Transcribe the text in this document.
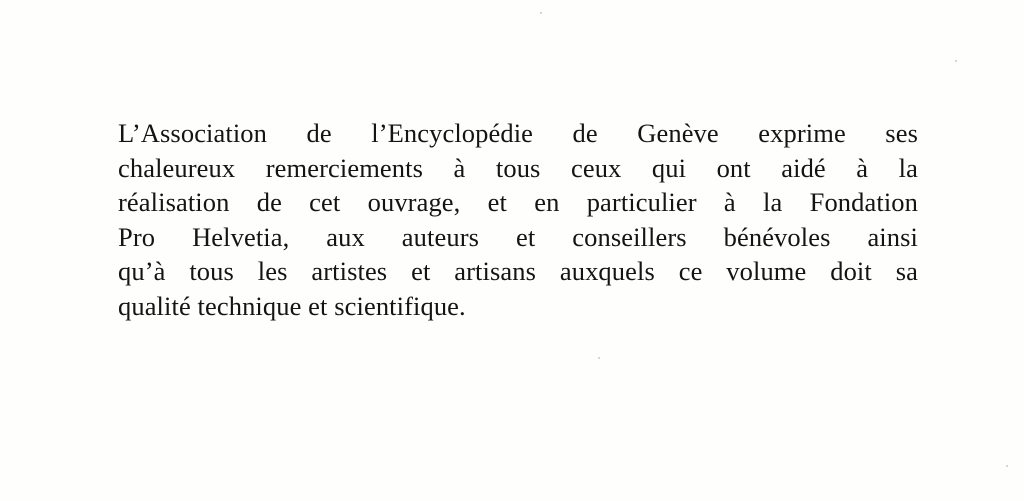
L’Association de l’Encyclopédie de Genève exprime ses
chaleureux remerciements à tous ceux qui ont aidé à la
réalisation de cet ouvrage, et en particulier à la Fondation
Pro Helvetia, aux auteurs et conseillers bénévoles ainsi
qu’à tous les artistes et artisans auxquels ce volume doit sa
qualité technique et scientifique.
